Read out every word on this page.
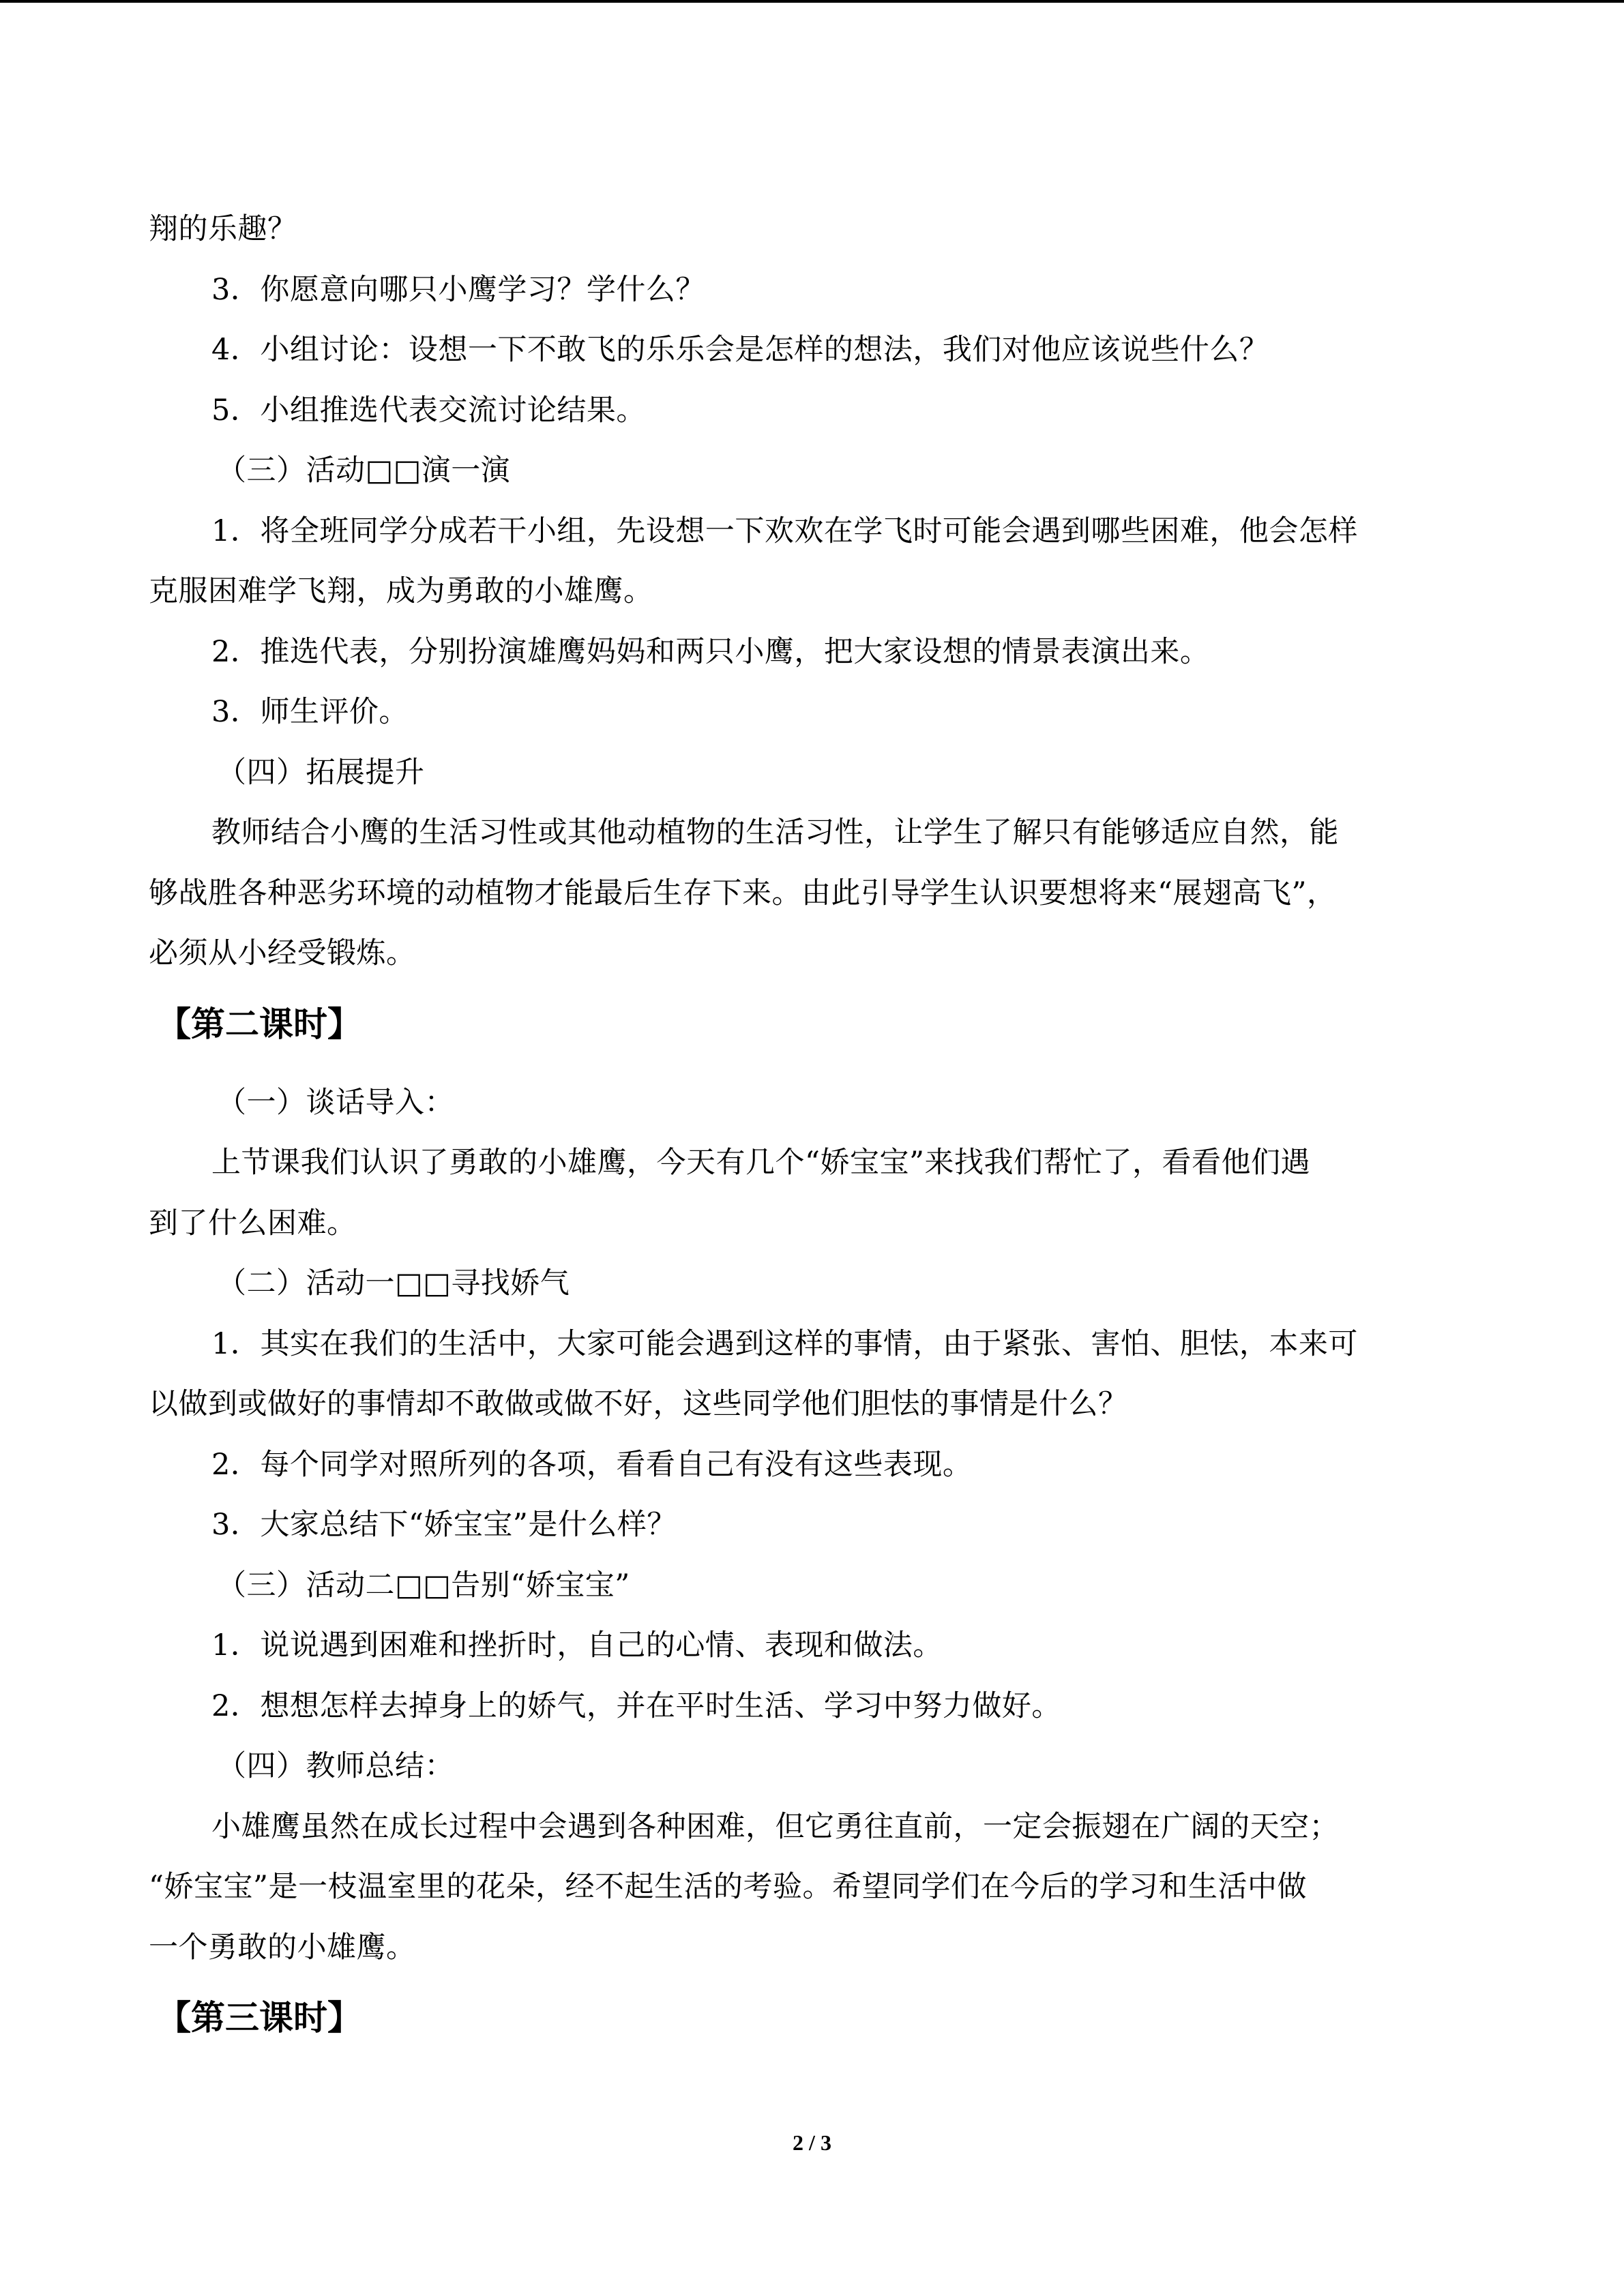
翔的乐趣？
3．你愿意向哪只小鹰学习？学什么？
4．小组讨论：设想一下不敢飞的乐乐会是怎样的想法，我们对他应该说些什么？
5．小组推选代表交流讨论结果。
（三）活动□□演一演
1．将全班同学分成若干小组，先设想一下欢欢在学飞时可能会遇到哪些困难，他会怎样
克服困难学飞翔，成为勇敢的小雄鹰。
2．推选代表，分别扮演雄鹰妈妈和两只小鹰，把大家设想的情景表演出来。
3．师生评价。
（四）拓展提升
教师结合小鹰的生活习性或其他动植物的生活习性，让学生了解只有能够适应自然，能
够战胜各种恶劣环境的动植物才能最后生存下来。由此引导学生认识要想将来“展翅高飞”，
必须从小经受锻炼。
【第二课时】
（一）谈话导入：
上节课我们认识了勇敢的小雄鹰，今天有几个“娇宝宝”来找我们帮忙了，看看他们遇
到了什么困难。
（二）活动一□□寻找娇气
1．其实在我们的生活中，大家可能会遇到这样的事情，由于紧张、害怕、胆怯，本来可
以做到或做好的事情却不敢做或做不好，这些同学他们胆怯的事情是什么？
2．每个同学对照所列的各项，看看自己有没有这些表现。
3．大家总结下“娇宝宝”是什么样？
（三）活动二□□告别“娇宝宝”
1．说说遇到困难和挫折时，自己的心情、表现和做法。
2．想想怎样去掉身上的娇气，并在平时生活、学习中努力做好。
（四）教师总结：
小雄鹰虽然在成长过程中会遇到各种困难，但它勇往直前，一定会振翅在广阔的天空；
“娇宝宝”是一枝温室里的花朵，经不起生活的考验。希望同学们在今后的学习和生活中做
一个勇敢的小雄鹰。
【第三课时】
2 / 3
